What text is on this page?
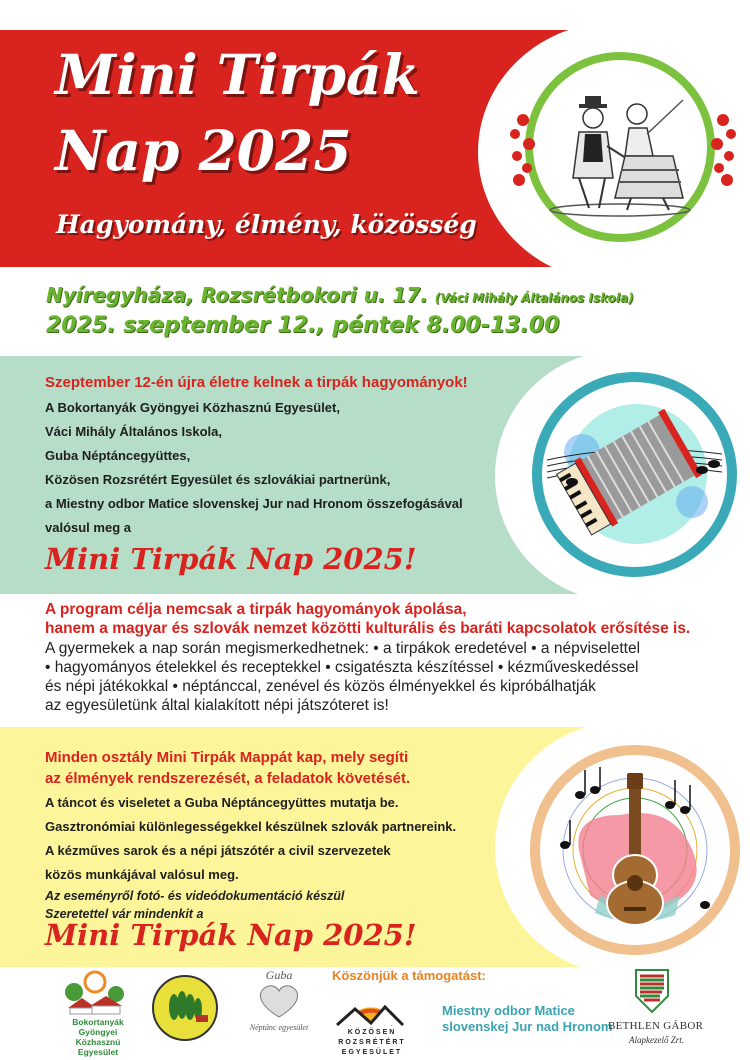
Mini Tirpák
Nap 2025
Hagyomány, élmény, közösség
Nyíregyháza, Rozsrétbokori u. 17. (Váci Mihály Általános Iskola)
2025. szeptember 12., péntek 8.00-13.00
Szeptember 12-én újra életre kelnek a tirpák hagyományok!
A Bokortanyák Gyöngyei Közhasznú Egyesület,
Váci Mihály Általános Iskola,
Guba Néptáncegyüttes,
Közösen Rozsrétért Egyesület és szlovákiai partnerünk,
a Miestny odbor Matice slovenskej Jur nad Hronom összefogásával
valósul meg a
Mini Tirpák Nap 2025!
A program célja nemcsak a tirpák hagyományok ápolása,
hanem a magyar és szlovák nemzet közötti kulturális és baráti kapcsolatok erősítése is.
A gyermekek a nap során megismerkedhetnek: • a tirpákok eredetével • a népviselettel
• hagyományos ételekkel és receptekkel • csigatészta készítéssel • kézműveskedéssel
és népi játékokkal • néptánccal, zenével és közös élményekkel és kipróbálhatják
az egyesületünk által kialakított népi játszóteret is!
Minden osztály Mini Tirpák Mappát kap, mely segíti
az élmények rendszerezését, a feladatok követését.
A táncot és viseletet a Guba Néptáncegyüttes mutatja be.
Gasztronómiai különlegességekkel készülnek szlovák partnereink.
A kézműves sarok és a népi játszótér a civil szervezetek
közös munkájával valósul meg.
Az eseményről fotó- és videódokumentáció készül
Szeretettel vár mindenkit a
Mini Tirpák Nap 2025!
Köszönjük a támogatást:
Bokortanyák Gyöngyei
Közhasznú Egyesület
Guba
Néptánc egyesület
KÖZÖSEN ROZSRÉTÉRT
EGYESÜLET
Miestny odbor Matice
slovenskej Jur nad Hronom
BETHLEN GÁBOR
Alapkezelő Zrt.
